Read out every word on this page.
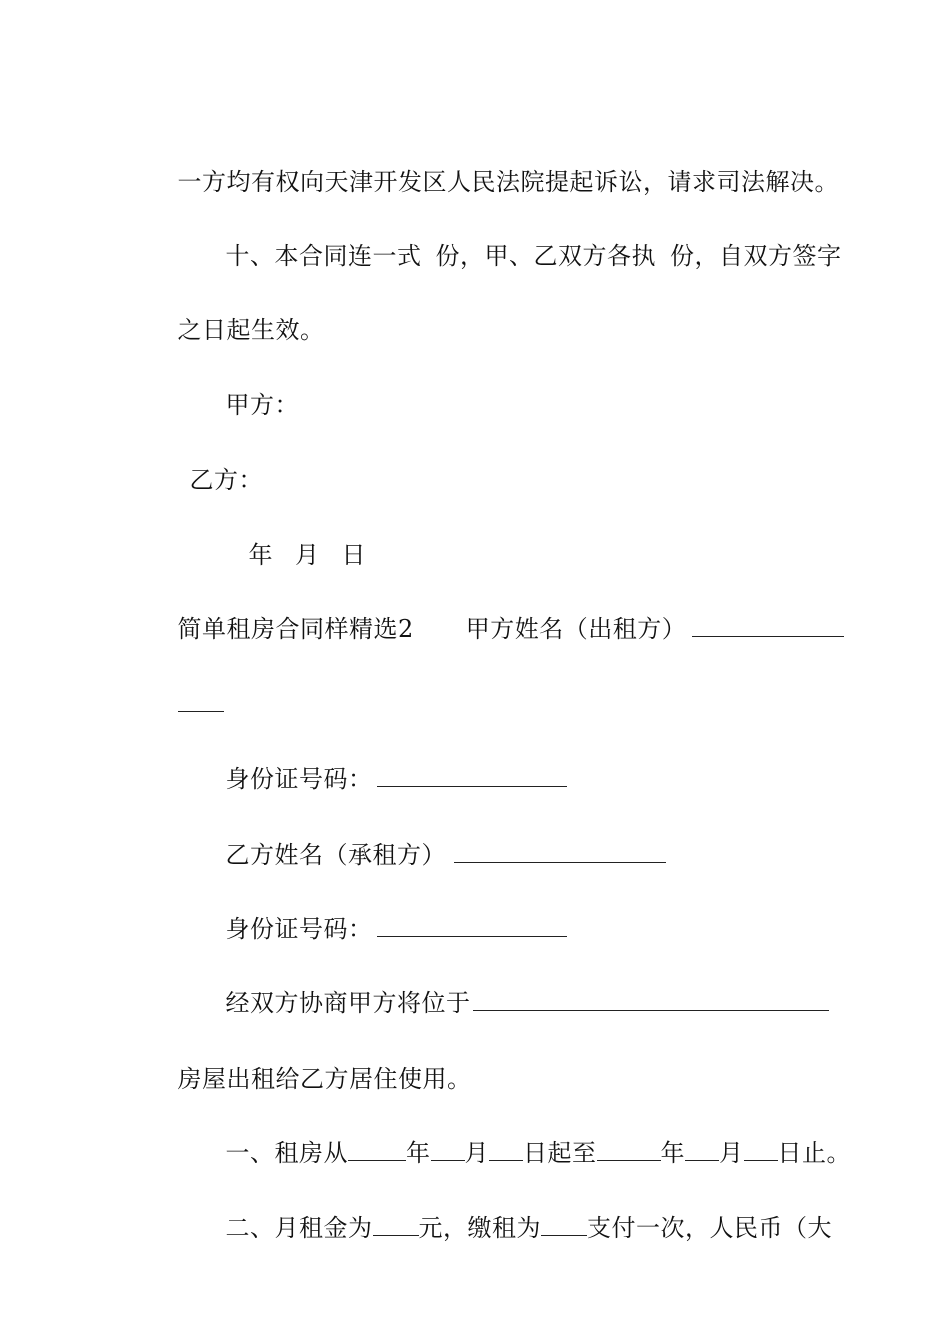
一方均有权向天津开发区人民法院提起诉讼，请求司法解决。

十、本合同连一式 份，甲、乙双方各执 份，自双方签字

之日起生效。

甲方：

乙方：

年 月 日

简单租房合同样精选2 甲方姓名（出租方）

身份证号码：

乙方姓名（承租方）

身份证号码：

经双方协商甲方将位于

房屋出租给乙方居住使用。

一、租房从 年 月 日起至	年 月 日止。

二、月租金为 元，缴租为 支付一次，人民币（大
